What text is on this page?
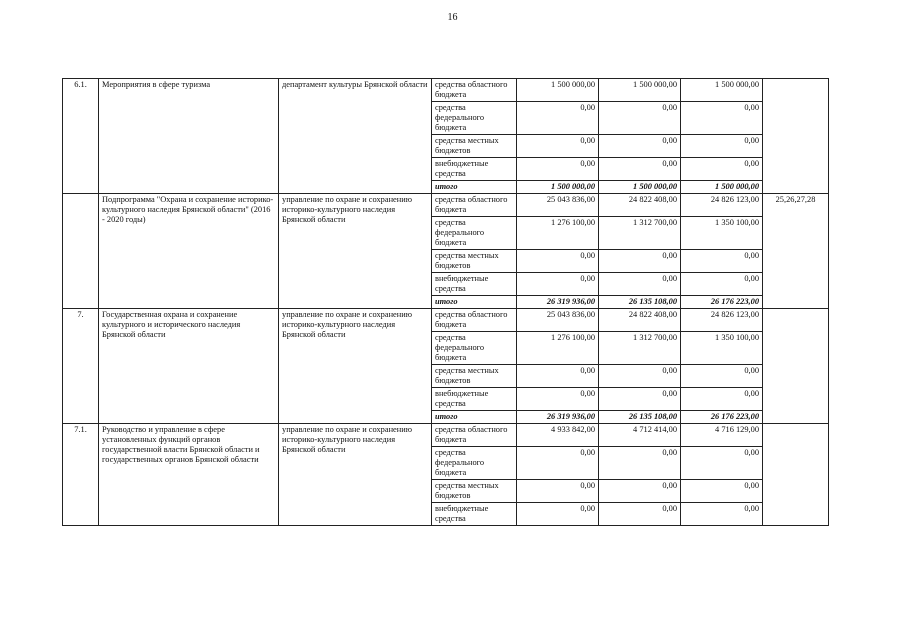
16
6.1.	Мероприятия в сфере туризма	департамент культуры Брянской области	средства областного бюджета	1 500 000,00	1 500 000,00	1 500 000,00	
			средства федерального бюджета	0,00	0,00	0,00	
			средства местных бюджетов	0,00	0,00	0,00	
			внебюджетные средства	0,00	0,00	0,00	
			итого	1 500 000,00	1 500 000,00	1 500 000,00	
	Подпрограмма "Охрана и сохранение историко-культурного наследия Брянской области" (2016 - 2020 годы)	управление по охране и сохранению историко-культурного наследия Брянской области	средства областного бюджета	25 043 836,00	24 822 408,00	24 826 123,00	25,26,27,28
			средства федерального бюджета	1 276 100,00	1 312 700,00	1 350 100,00	
			средства местных бюджетов	0,00	0,00	0,00	
			внебюджетные средства	0,00	0,00	0,00	
			итого	26 319 936,00	26 135 108,00	26 176 223,00	
7.	Государственная охрана и сохранение культурного и исторического наследия Брянской области	управление по охране и сохранению историко-культурного наследия Брянской области	средства областного бюджета	25 043 836,00	24 822 408,00	24 826 123,00	
			средства федерального бюджета	1 276 100,00	1 312 700,00	1 350 100,00	
			средства местных бюджетов	0,00	0,00	0,00	
			внебюджетные средства	0,00	0,00	0,00	
			итого	26 319 936,00	26 135 108,00	26 176 223,00	
7.1.	Руководство и управление в сфере установленных функций органов государственной власти Брянской области и государственных органов Брянской области	управление по охране и сохранению историко-культурного наследия Брянской области	средства областного бюджета	4 933 842,00	4 712 414,00	4 716 129,00	
			средства федерального бюджета	0,00	0,00	0,00	
			средства местных бюджетов	0,00	0,00	0,00	
			внебюджетные средства	0,00	0,00	0,00	
